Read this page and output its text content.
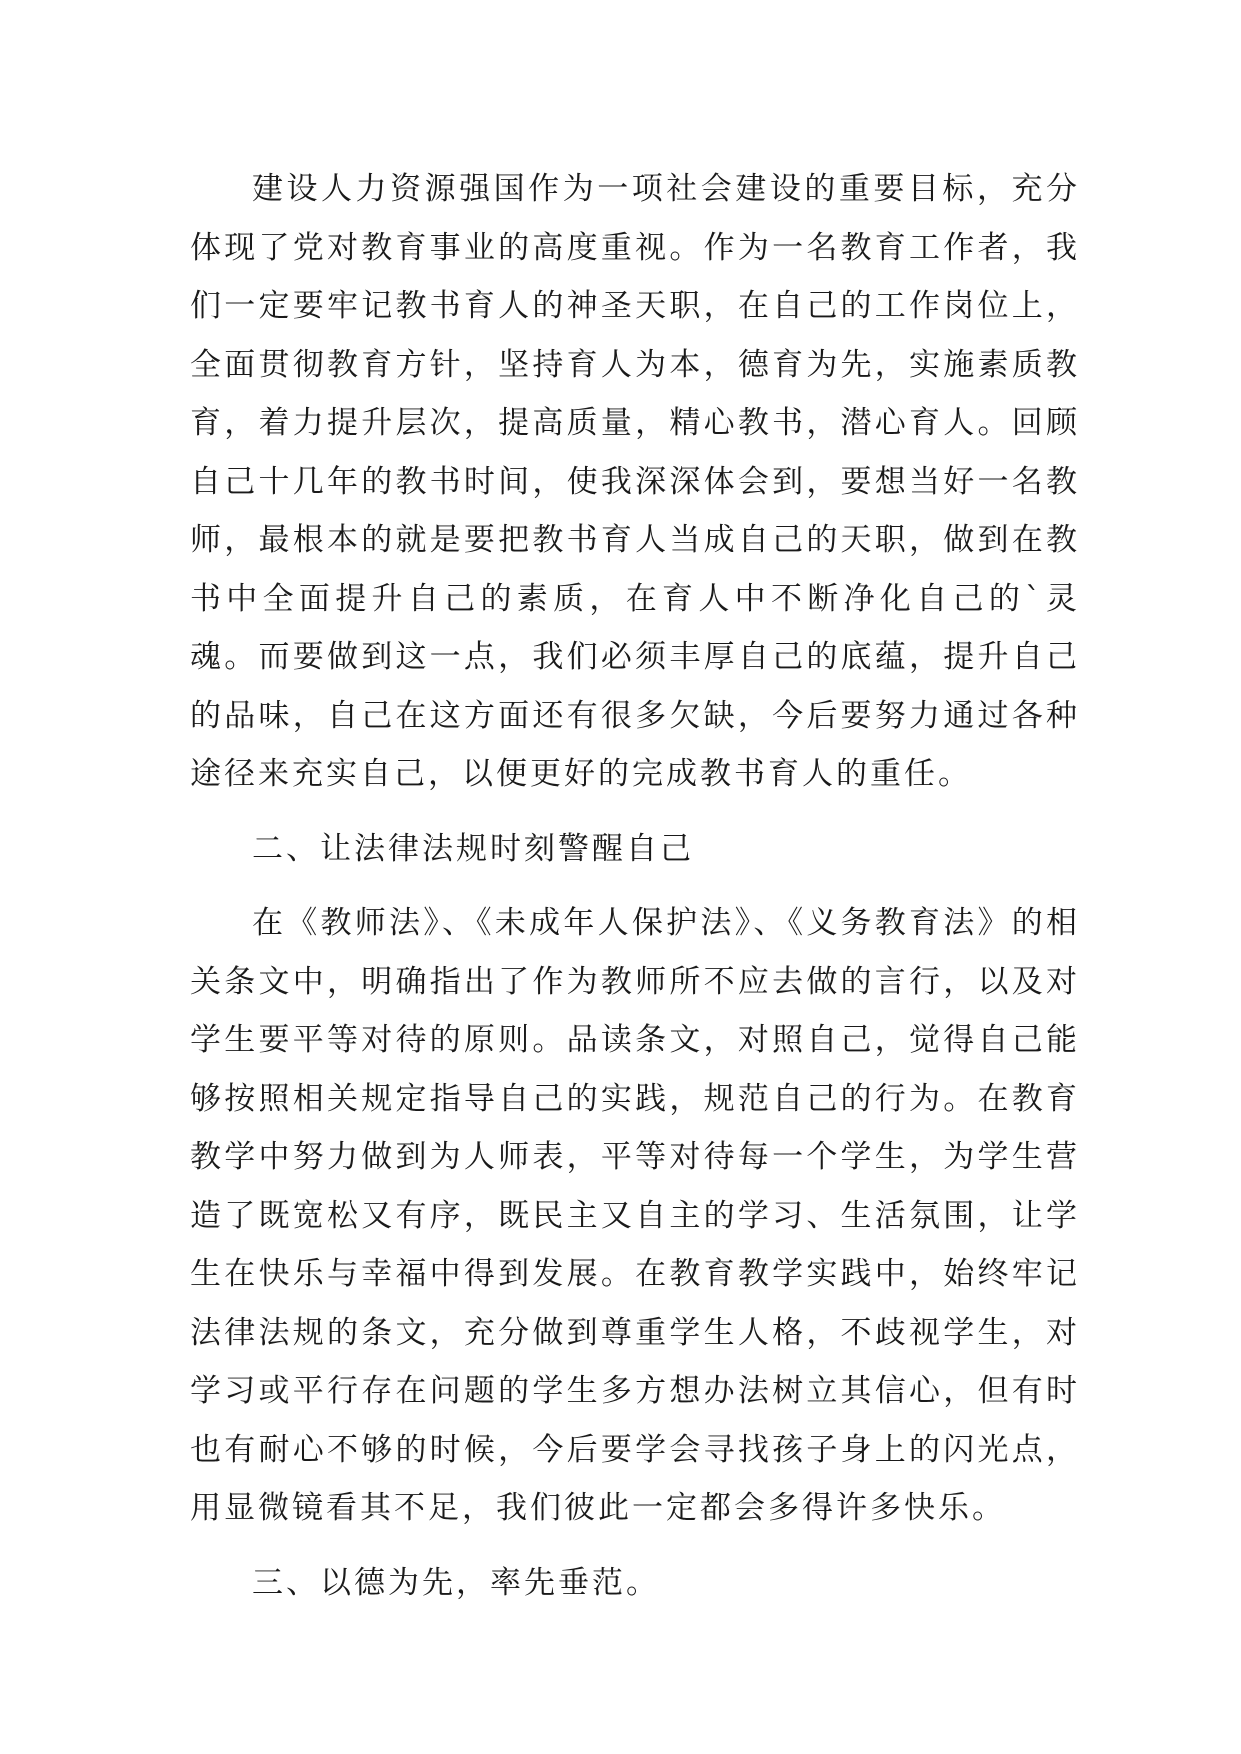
建设人力资源强国作为一项社会建设的重要目标，充分体现了党对教育事业的高度重视。作为一名教育工作者，我们一定要牢记教书育人的神圣天职，在自己的工作岗位上，全面贯彻教育方针，坚持育人为本，德育为先，实施素质教育，着力提升层次，提高质量，精心教书，潜心育人。回顾自己十几年的教书时间，使我深深体会到，要想当好一名教师，最根本的就是要把教书育人当成自己的天职，做到在教书中全面提升自己的素质，在育人中不断净化自己的`灵魂。而要做到这一点，我们必须丰厚自己的底蕴，提升自己的品味，自己在这方面还有很多欠缺，今后要努力通过各种途径来充实自己，以便更好的完成教书育人的重任。

二、让法律法规时刻警醒自己

在《教师法》、《未成年人保护法》、《义务教育法》的相关条文中，明确指出了作为教师所不应去做的言行，以及对学生要平等对待的原则。品读条文，对照自己，觉得自己能够按照相关规定指导自己的实践，规范自己的行为。在教育教学中努力做到为人师表，平等对待每一个学生，为学生营造了既宽松又有序，既民主又自主的学习、生活氛围，让学生在快乐与幸福中得到发展。在教育教学实践中，始终牢记法律法规的条文，充分做到尊重学生人格，不歧视学生，对学习或平行存在问题的学生多方想办法树立其信心，但有时也有耐心不够的时候，今后要学会寻找孩子身上的闪光点，用显微镜看其不足，我们彼此一定都会多得许多快乐。

三、以德为先，率先垂范。
